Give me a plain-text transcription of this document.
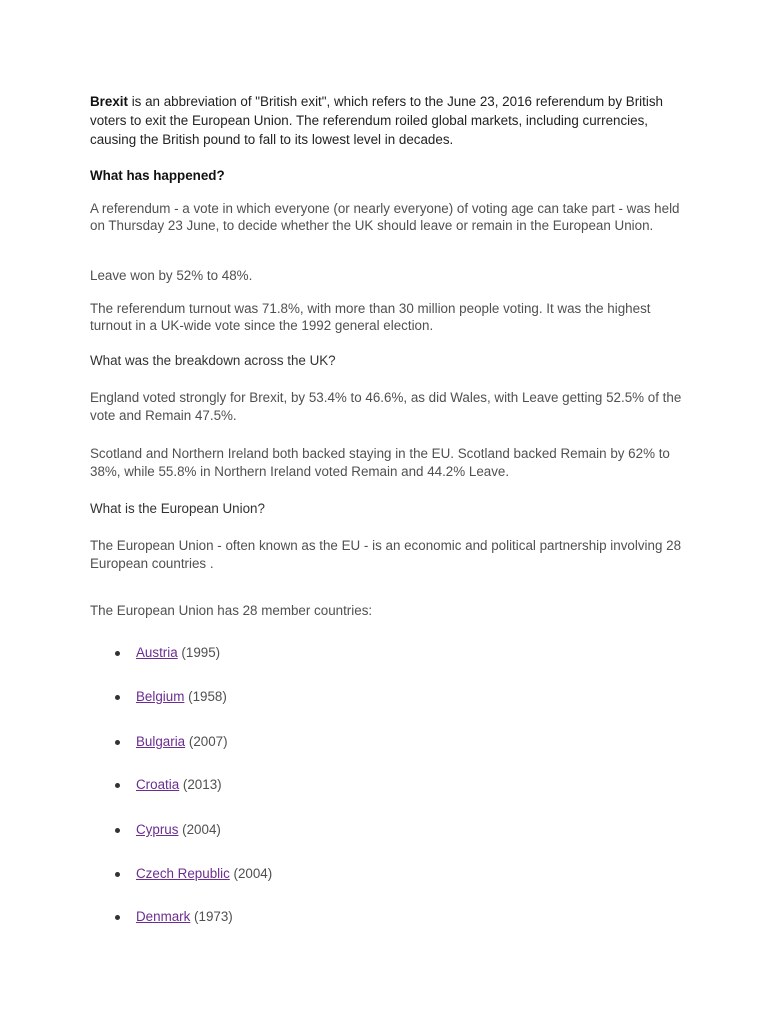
Brexit is an abbreviation of "British exit", which refers to the June 23, 2016 referendum by British voters to exit the European Union. The referendum roiled global markets, including currencies, causing the British pound to fall to its lowest level in decades.

What has happened?

A referendum - a vote in which everyone (or nearly everyone) of voting age can take part - was held on Thursday 23 June, to decide whether the UK should leave or remain in the European Union.

Leave won by 52% to 48%.

The referendum turnout was 71.8%, with more than 30 million people voting. It was the highest turnout in a UK-wide vote since the 1992 general election.

What was the breakdown across the UK?

England voted strongly for Brexit, by 53.4% to 46.6%, as did Wales, with Leave getting 52.5% of the vote and Remain 47.5%.

Scotland and Northern Ireland both backed staying in the EU. Scotland backed Remain by 62% to 38%, while 55.8% in Northern Ireland voted Remain and 44.2% Leave.

What is the European Union?

The European Union - often known as the EU - is an economic and political partnership involving 28 European countries .

The European Union has 28 member countries:

Austria (1995)
Belgium (1958)
Bulgaria (2007)
Croatia (2013)
Cyprus (2004)
Czech Republic (2004)
Denmark (1973)
